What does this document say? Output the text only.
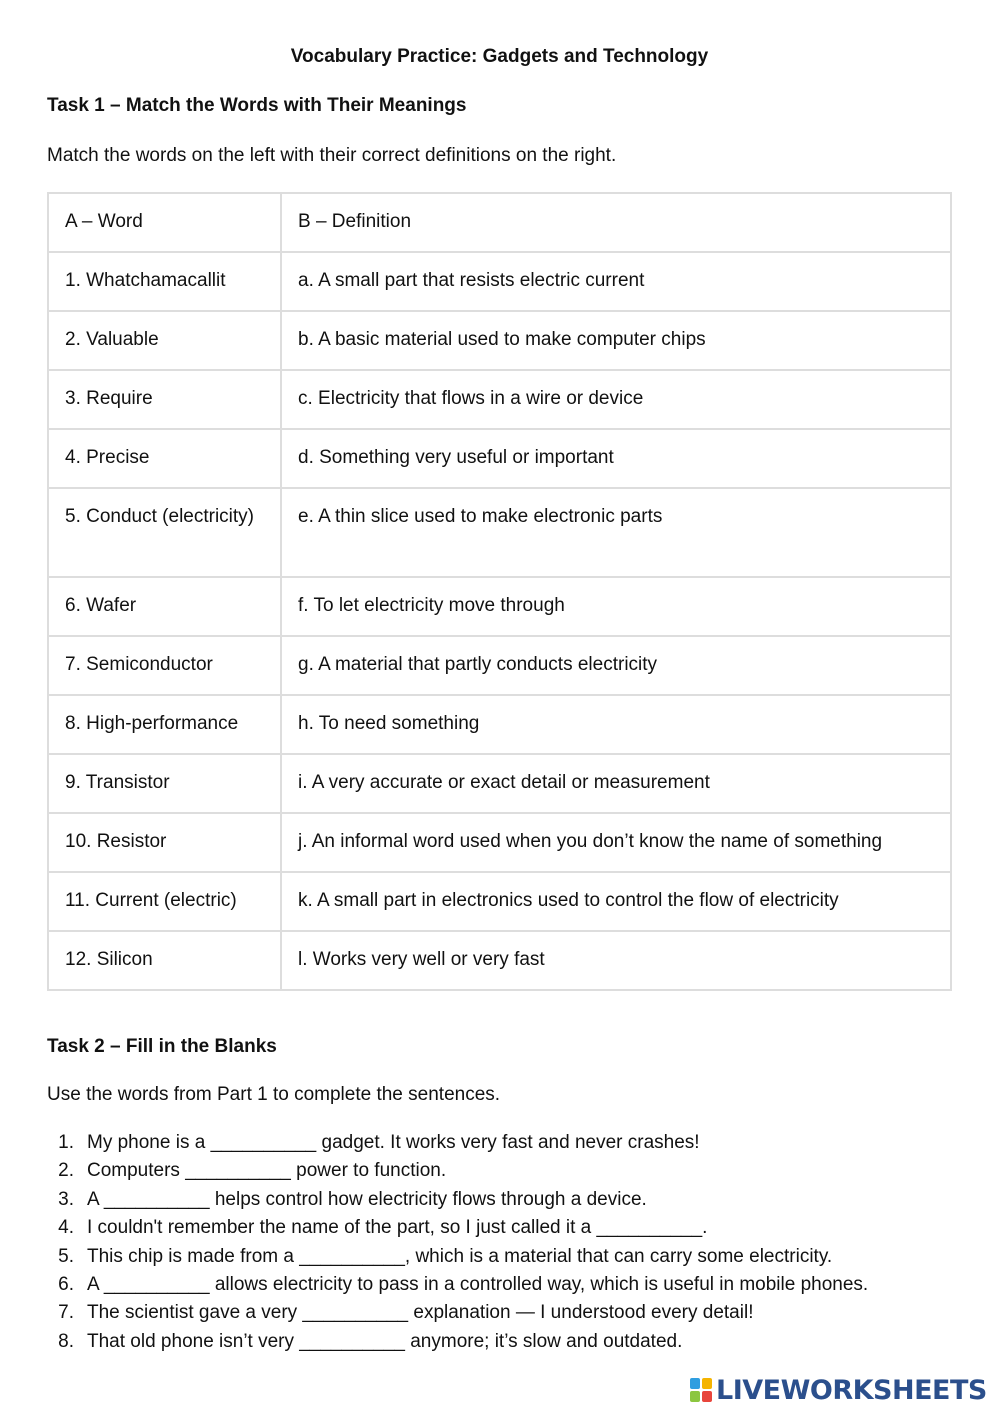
Vocabulary Practice: Gadgets and Technology
Task 1 – Match the Words with Their Meanings
Match the words on the left with their correct definitions on the right.
A – Word	B – Definition
1. Whatchamacallit	a. A small part that resists electric current
2. Valuable	b. A basic material used to make computer chips
3. Require	c. Electricity that flows in a wire or device
4. Precise	d. Something very useful or important
5. Conduct (electricity)	e. A thin slice used to make electronic parts
6. Wafer	f. To let electricity move through
7. Semiconductor	g. A material that partly conducts electricity
8. High-performance	h. To need something
9. Transistor	i. A very accurate or exact detail or measurement
10. Resistor	j. An informal word used when you don’t know the name of something
11. Current (electric)	k. A small part in electronics used to control the flow of electricity
12. Silicon	l. Works very well or very fast
Task 2 – Fill in the Blanks
Use the words from Part 1 to complete the sentences.
1. My phone is a __________ gadget. It works very fast and never crashes!
2. Computers __________ power to function.
3. A __________ helps control how electricity flows through a device.
4. I couldn't remember the name of the part, so I just called it a __________.
5. This chip is made from a __________, which is a material that can carry some electricity.
6. A __________ allows electricity to pass in a controlled way, which is useful in mobile phones.
7. The scientist gave a very __________ explanation — I understood every detail!
8. That old phone isn’t very __________ anymore; it’s slow and outdated.
LIVEWORKSHEETS
